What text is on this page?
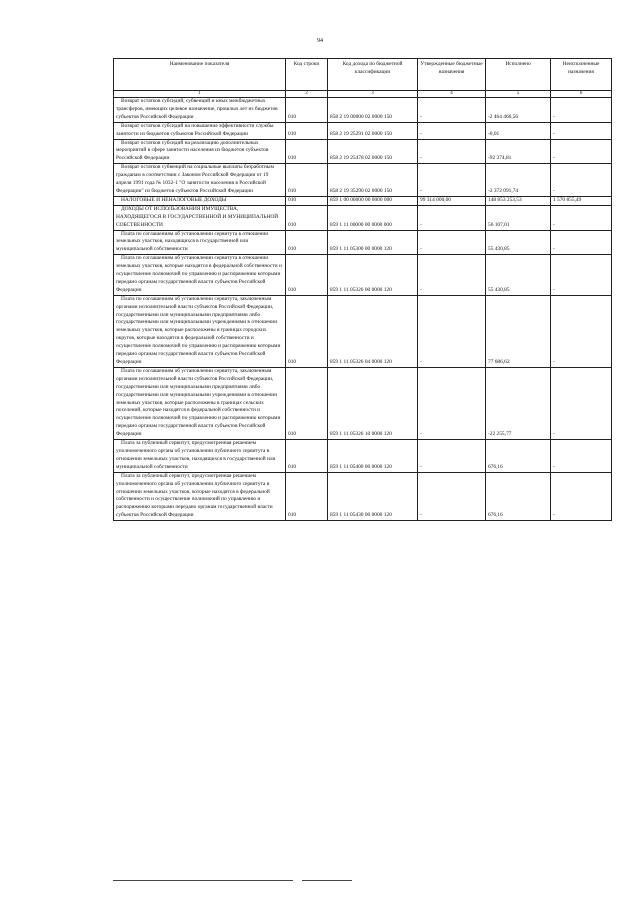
94
Наименование показателя	Код строки	Код дохода по бюджетной классификации	Утвержденные бюджетные назначения	Исполнено	Неисполненные назначения
1	2	3	4	5	6
Возврат остатков субсидий, субвенций и иных межбюджетных трансферов, имеющих целевое назначение, прошлых лет из бюджетов субъектов Российской Федерации	010	858 2 19 00000 02 0000 150	-	-2 464 466,56	-
Возврат остатков субсидий на повышение эффективности службы занятости из бюджетов субъектов Российской Федерации	010	858 2 19 25291 02 0000 150	-	-0,01	-
Возврат остатков субсидий на реализацию дополнительных мероприятий в сфере занятости населения из бюджетов субъектов Российской Федерации	010	858 2 19 25478 02 0000 150	-	-92 374,81	-
Возврат остатков субвенций на социальные выплаты безработным гражданам в соответствии с Законом Российской Федерации от 19 апреля 1991 года № 1032-1 "О занятости населения в Российской Федерации" из бюджетов субъектов Российской Федерации	010	858 2 19 35290 02 0000 150	-	-2 372 091,74	-
НАЛОГОВЫЕ И НЕНАЛОГОВЫЕ ДОХОДЫ	010	859 1 00 00000 00 0000 000	99 314 000,00	148 853 253,53	1 570 855,49
ДОХОДЫ ОТ ИСПОЛЬЗОВАНИЯ ИМУЩЕСТВА, НАХОДЯЩЕГОСЯ В ГОСУДАРСТВЕННОЙ И МУНИЦИПАЛЬНОЙ СОБСТВЕННОСТИ	010	859 1 11 00000 00 0000 000	-	56 107,01	-
Плата по соглашениям об установлении сервитута в отношении земельных участков, находящихся в государственной или муниципальной собственности	010	859 1 11 05300 00 0000 120	-	55 430,85	-
Плата по соглашениям об установлении сервитута в отношении земельных участков, которые находятся в федеральной собственности и осуществление полномочий по управлению и распоряжению которыми передано органам государственной власти субъектов Российской Федерации	010	859 1 11 05326 00 0000 120	-	55 430,85	-
Плата по соглашениям об установлении сервитута, заключенным органами исполнительной власти субъектов Российской Федерации, государственными или муниципальными предприятиями либо государственными или муниципальными учреждениями в отношении земельных участков, которые расположены в границах городских округов, которые находятся в федеральной собственности и осуществление полномочий по управлению и распоряжению которыми передано органам государственной власти субъектов Российской Федерации	010	859 1 11 05326 04 0000 120	-	77 686,62	-
Плата по соглашениям об установлении сервитута, заключенным органами исполнительной власти субъектов Российской Федерации, государственными или муниципальными предприятиями либо государственными или муниципальными учреждениями в отношении земельных участков, которые расположены в границах сельских поселений, которые находятся в федеральной собственности и осуществление полномочий по управлению и распоряжению которыми передано органам государственной власти субъектов Российской Федерации	010	859 1 11 05326 10 0000 120	-	-22 255,77	-
Плата за публичный сервитут, предусмотренная решением уполномоченного органа об установлении публичного сервитута в отношении земельных участков, находящихся в государственной или муниципальной собственности	010	859 1 11 05400 00 0000 120	-	676,16	-
Плата за публичный сервитут, предусмотренная решением уполномоченного органа об установлении публичного сервитута в отношении земельных участков, которые находятся в федеральной собственности и осуществление полномочий по управлению и распоряжению которыми передано органам государственной власти субъектов Российской Федерации	010	859 1 11 05430 00 0000 120	-	676,16	-
